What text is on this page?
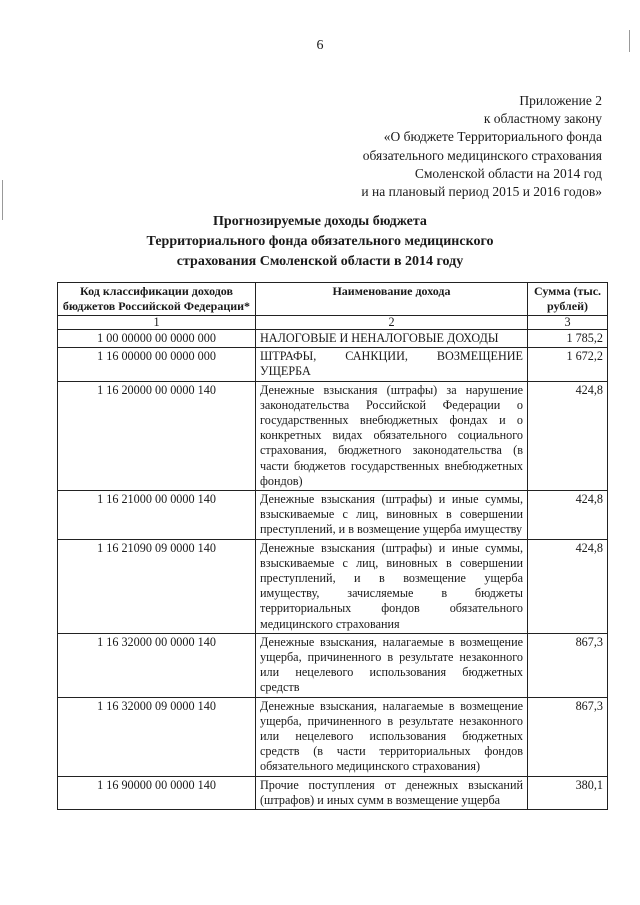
6
Приложение 2
к областному закону
«О бюджете Территориального фонда
обязательного медицинского страхования
Смоленской области на 2014 год
и на плановый период 2015 и 2016 годов»
Прогнозируемые доходы бюджета
Территориального фонда обязательного медицинского
страхования Смоленской области в 2014 году
Код классификации доходов бюджетов Российской Федерации*	Наименование дохода	Сумма (тыс. рублей)
1	2	3
1 00 00000 00 0000 000	НАЛОГОВЫЕ И НЕНАЛОГОВЫЕ ДОХОДЫ	1 785,2
1 16 00000 00 0000 000	ШТРАФЫ, САНКЦИИ, ВОЗМЕЩЕНИЕ УЩЕРБА	1 672,2
1 16 20000 00 0000 140	Денежные взыскания (штрафы) за нарушение законодательства Российской Федерации о государственных внебюджетных фондах и о конкретных видах обязательного социального страхования, бюджетного законодательства (в части бюджетов государственных внебюджетных фондов)	424,8
1 16 21000 00 0000 140	Денежные взыскания (штрафы) и иные суммы, взыскиваемые с лиц, виновных в совершении преступлений, и в возмещение ущерба имуществу	424,8
1 16 21090 09 0000 140	Денежные взыскания (штрафы) и иные суммы, взыскиваемые с лиц, виновных в совершении преступлений, и в возмещение ущерба имуществу, зачисляемые в бюджеты территориальных фондов обязательного медицинского страхования	424,8
1 16 32000 00 0000 140	Денежные взыскания, налагаемые в возмещение ущерба, причиненного в результате незаконного или нецелевого использования бюджетных средств	867,3
1 16 32000 09 0000 140	Денежные взыскания, налагаемые в возмещение ущерба, причиненного в результате незаконного или нецелевого использования бюджетных средств (в части территориальных фондов обязательного медицинского страхования)	867,3
1 16 90000 00 0000 140	Прочие поступления от денежных взысканий (штрафов) и иных сумм в возмещение ущерба	380,1
